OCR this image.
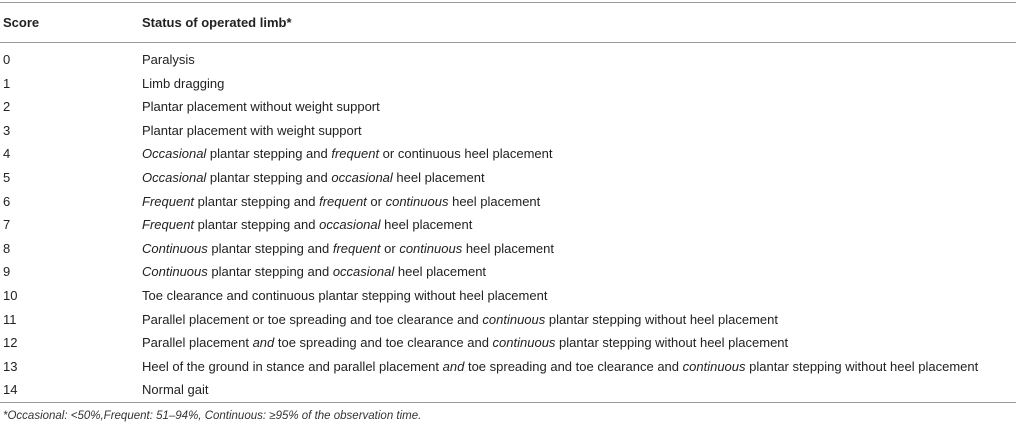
Score	Status of operated limb*
0	Paralysis
1	Limb dragging
2	Plantar placement without weight support
3	Plantar placement with weight support
4	Occasional plantar stepping and frequent or continuous heel placement
5	Occasional plantar stepping and occasional heel placement
6	Frequent plantar stepping and frequent or continuous heel placement
7	Frequent plantar stepping and occasional heel placement
8	Continuous plantar stepping and frequent or continuous heel placement
9	Continuous plantar stepping and occasional heel placement
10	Toe clearance and continuous plantar stepping without heel placement
11	Parallel placement or toe spreading and toe clearance and continuous plantar stepping without heel placement
12	Parallel placement and toe spreading and toe clearance and continuous plantar stepping without heel placement
13	Heel of the ground in stance and parallel placement and toe spreading and toe clearance and continuous plantar stepping without heel placement
14	Normal gait
*Occasional: <50%,Frequent: 51–94%, Continuous: ≥95% of the observation time.
